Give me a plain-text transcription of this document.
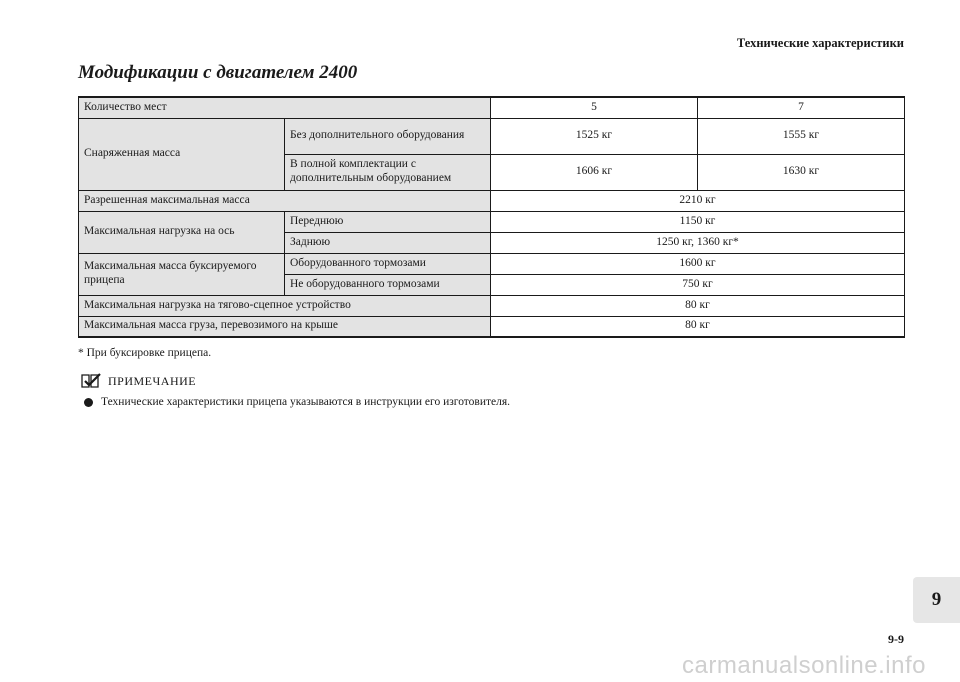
Технические характеристики
Модификации с двигателем 2400
Количество мест		5	7
Снаряженная масса	Без дополнительного оборудования	1525 кг	1555 кг
	В полной комплектации с дополнительным оборудованием	1606 кг	1630 кг
Разрешенная максимальная масса		2210 кг	
Максимальная нагрузка на ось	Переднюю	1150 кг	
	Заднюю	1250 кг, 1360 кг*	
Максимальная масса буксируемого прицепа	Оборудованного тормозами	1600 кг	
	Не оборудованного тормозами	750 кг	
Максимальная нагрузка на тягово-сцепное устройство		80 кг	
Максимальная масса груза, перевозимого на крыше		80 кг	
* При буксировке прицепа.
ПРИМЕЧАНИЕ
Технические характеристики прицепа указываются в инструкции его изготовителя.
9
9-9
carmanualsonline.info
